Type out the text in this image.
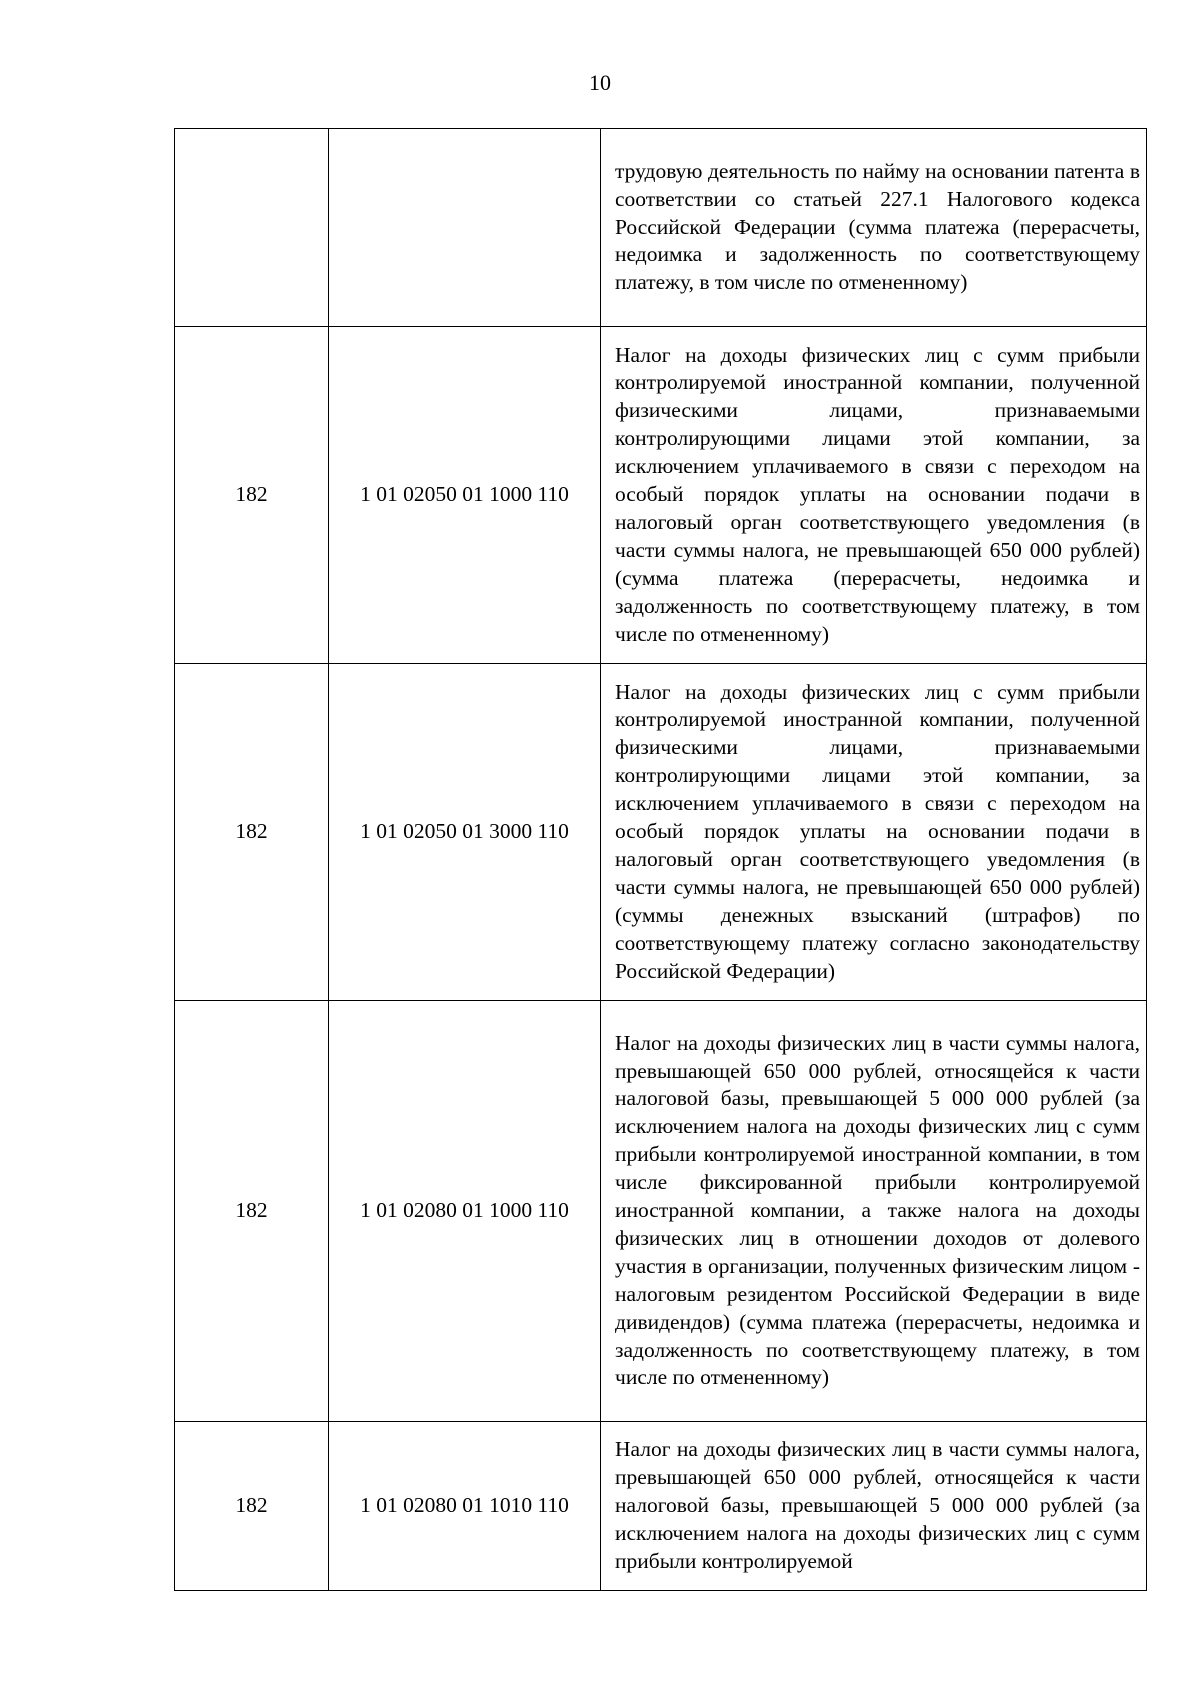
10

		трудовую деятельность по найму на основании патента в соответствии со статьей 227.1 Налогового кодекса Российской Федерации (сумма платежа (перерасчеты, недоимка и задолженность по соответствующему платежу, в том числе по отмененному)

182	1 01 02050 01 1000 110	Налог на доходы физических лиц с сумм прибыли контролируемой иностранной компании, полученной физическими лицами, признаваемыми контролирующими лицами этой компании, за исключением уплачиваемого в связи с переходом на особый порядок уплаты на основании подачи в налоговый орган соответствующего уведомления (в части суммы налога, не превышающей 650 000 рублей) (сумма платежа (перерасчеты, недоимка и задолженность по соответствующему платежу, в том числе по отмененному)

182	1 01 02050 01 3000 110	Налог на доходы физических лиц с сумм прибыли контролируемой иностранной компании, полученной физическими лицами, признаваемыми контролирующими лицами этой компании, за исключением уплачиваемого в связи с переходом на особый порядок уплаты на основании подачи в налоговый орган соответствующего уведомления (в части суммы налога, не превышающей 650 000 рублей) (суммы денежных взысканий (штрафов) по соответствующему платежу согласно законодательству Российской Федерации)

182	1 01 02080 01 1000 110	Налог на доходы физических лиц в части суммы налога, превышающей 650 000 рублей, относящейся к части налоговой базы, превышающей 5 000 000 рублей (за исключением налога на доходы физических лиц с сумм прибыли контролируемой иностранной компании, в том числе фиксированной прибыли контролируемой иностранной компании, а также налога на доходы физических лиц в отношении доходов от долевого участия в организации, полученных физическим лицом - налоговым резидентом Российской Федерации в виде дивидендов) (сумма платежа (перерасчеты, недоимка и задолженность по соответствующему платежу, в том числе по отмененному)

182	1 01 02080 01 1010 110	Налог на доходы физических лиц в части суммы налога, превышающей 650 000 рублей, относящейся к части налоговой базы, превышающей 5 000 000 рублей (за исключением налога на доходы физических лиц с сумм прибыли контролируемой
